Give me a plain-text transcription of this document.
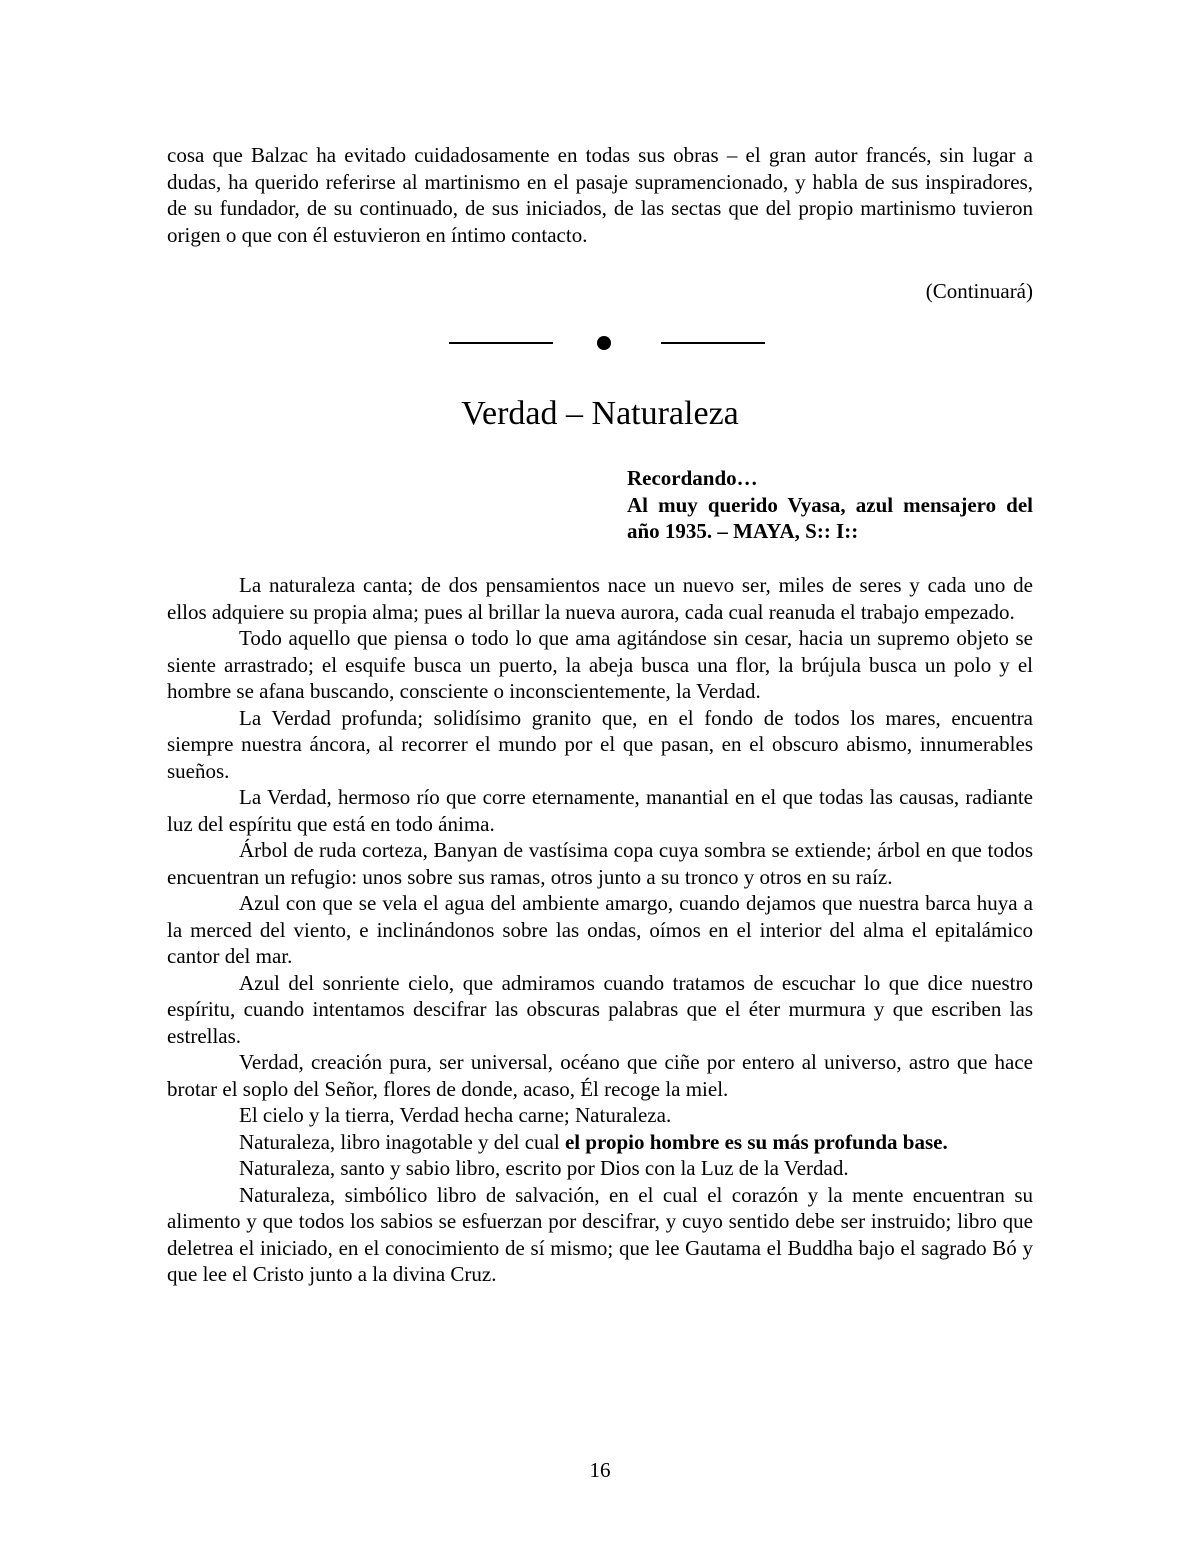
cosa que Balzac ha evitado cuidadosamente en todas sus obras – el gran autor francés, sin lugar a dudas, ha querido referirse al martinismo en el pasaje supramencionado, y habla de sus inspiradores, de su fundador, de su continuado, de sus iniciados, de las sectas que del propio martinismo tuvieron origen o que con él estuvieron en íntimo contacto.

(Continuará)

Verdad – Naturaleza

Recordando…

Al muy querido Vyasa, azul mensajero del año 1935. – MAYA, S:: I::

La naturaleza canta; de dos pensamientos nace un nuevo ser, miles de seres y cada uno de ellos adquiere su propia alma; pues al brillar la nueva aurora, cada cual reanuda el trabajo empezado.

Todo aquello que piensa o todo lo que ama agitándose sin cesar, hacia un supremo objeto se siente arrastrado; el esquife busca un puerto, la abeja busca una flor, la brújula busca un polo y el hombre se afana buscando, consciente o inconscientemente, la Verdad.

La Verdad profunda; solidísimo granito que, en el fondo de todos los mares, encuentra siempre nuestra áncora, al recorrer el mundo por el que pasan, en el obscuro abismo, innumerables sueños.

La Verdad, hermoso río que corre eternamente, manantial en el que todas las causas, radiante luz del espíritu que está en todo ánima.

Árbol de ruda corteza, Banyan de vastísima copa cuya sombra se extiende; árbol en que todos encuentran un refugio: unos sobre sus ramas, otros junto a su tronco y otros en su raíz.

Azul con que se vela el agua del ambiente amargo, cuando dejamos que nuestra barca huya a la merced del viento, e inclinándonos sobre las ondas, oímos en el interior del alma el epitalámico cantor del mar.

Azul del sonriente cielo, que admiramos cuando tratamos de escuchar lo que dice nuestro espíritu, cuando intentamos descifrar las obscuras palabras que el éter murmura y que escriben las estrellas.

Verdad, creación pura, ser universal, océano que ciñe por entero al universo, astro que hace brotar el soplo del Señor, flores de donde, acaso, Él recoge la miel.

El cielo y la tierra, Verdad hecha carne; Naturaleza.

Naturaleza, libro inagotable y del cual el propio hombre es su más profunda base.

Naturaleza, santo y sabio libro, escrito por Dios con la Luz de la Verdad.

Naturaleza, simbólico libro de salvación, en el cual el corazón y la mente encuentran su alimento y que todos los sabios se esfuerzan por descifrar, y cuyo sentido debe ser instruido; libro que deletrea el iniciado, en el conocimiento de sí mismo; que lee Gautama el Buddha bajo el sagrado Bó y que lee el Cristo junto a la divina Cruz.

16
